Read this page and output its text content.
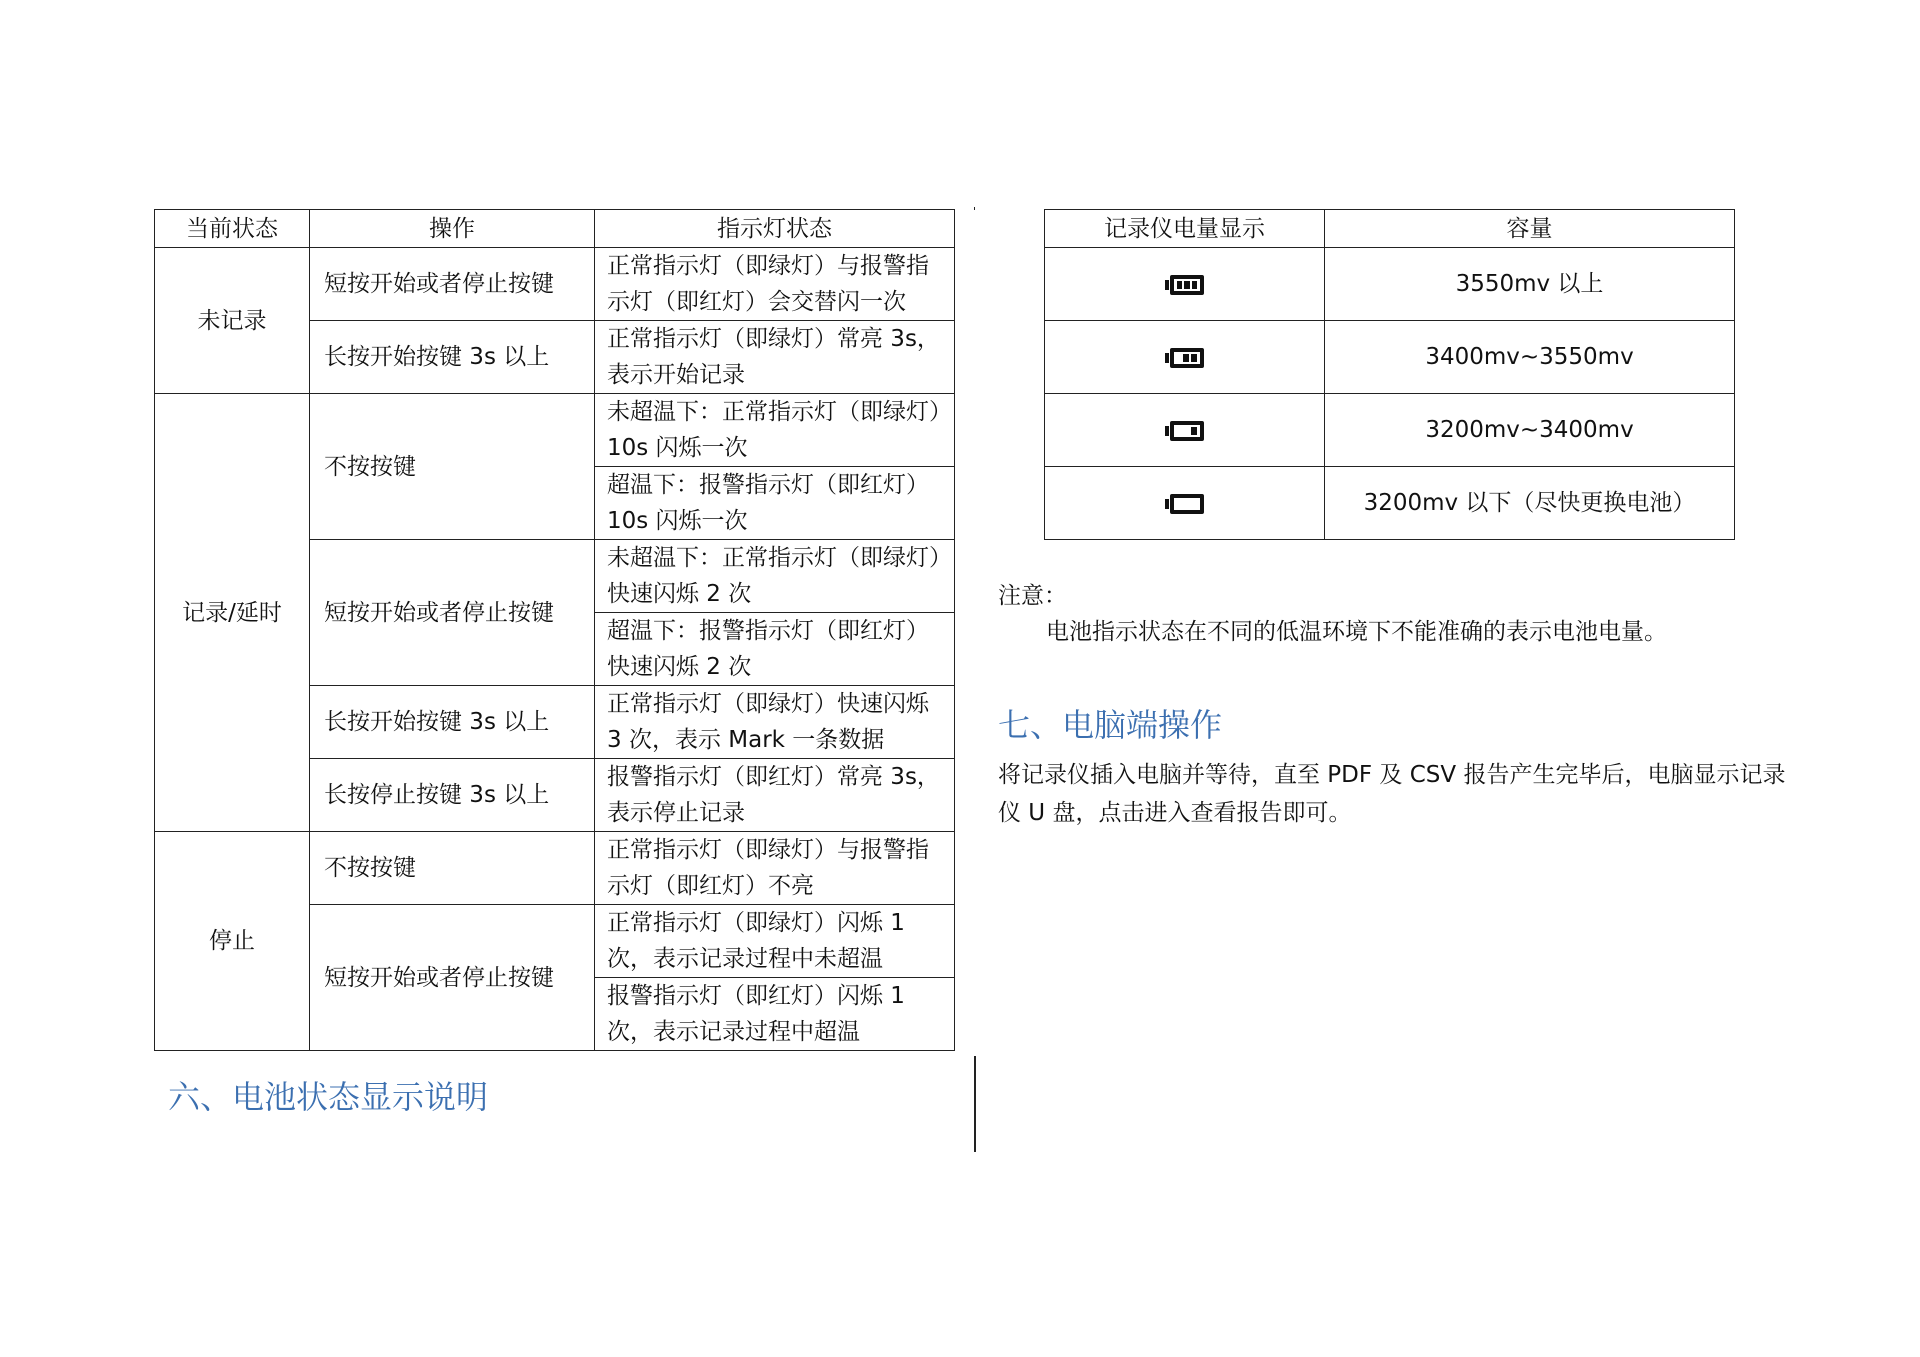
当前状态	操作	指示灯状态
未记录	短按开始或者停止按键	正常指示灯（即绿灯）与报警指示灯（即红灯）会交替闪一次
	长按开始按键 3s 以上	正常指示灯（即绿灯）常亮 3s，表示开始记录
记录/延时	不按按键	未超温下：正常指示灯（即绿灯）10s 闪烁一次
		超温下：报警指示灯（即红灯）10s 闪烁一次
	短按开始或者停止按键	未超温下：正常指示灯（即绿灯）快速闪烁 2 次
		超温下：报警指示灯（即红灯）快速闪烁 2 次
	长按开始按键 3s 以上	正常指示灯（即绿灯）快速闪烁 3 次，表示 Mark 一条数据
	长按停止按键 3s 以上	报警指示灯（即红灯）常亮 3s，表示停止记录
停止	不按按键	正常指示灯（即绿灯）与报警指示灯（即红灯）不亮
	短按开始或者停止按键	正常指示灯（即绿灯）闪烁 1 次，表示记录过程中未超温
		报警指示灯（即红灯）闪烁 1 次，表示记录过程中超温
六、电池状态显示说明
记录仪电量显示	容量

	3550mv 以上

	3400mv~3550mv

	3200mv~3400mv

	3200mv 以下（尽快更换电池）
注意：
电池指示状态在不同的低温环境下不能准确的表示电池电量。
七、电脑端操作

将记录仪插入电脑并等待，直至 PDF 及 CSV 报告产生完毕后，电脑显示记录仪 U 盘，点击进入查看报告即可。
